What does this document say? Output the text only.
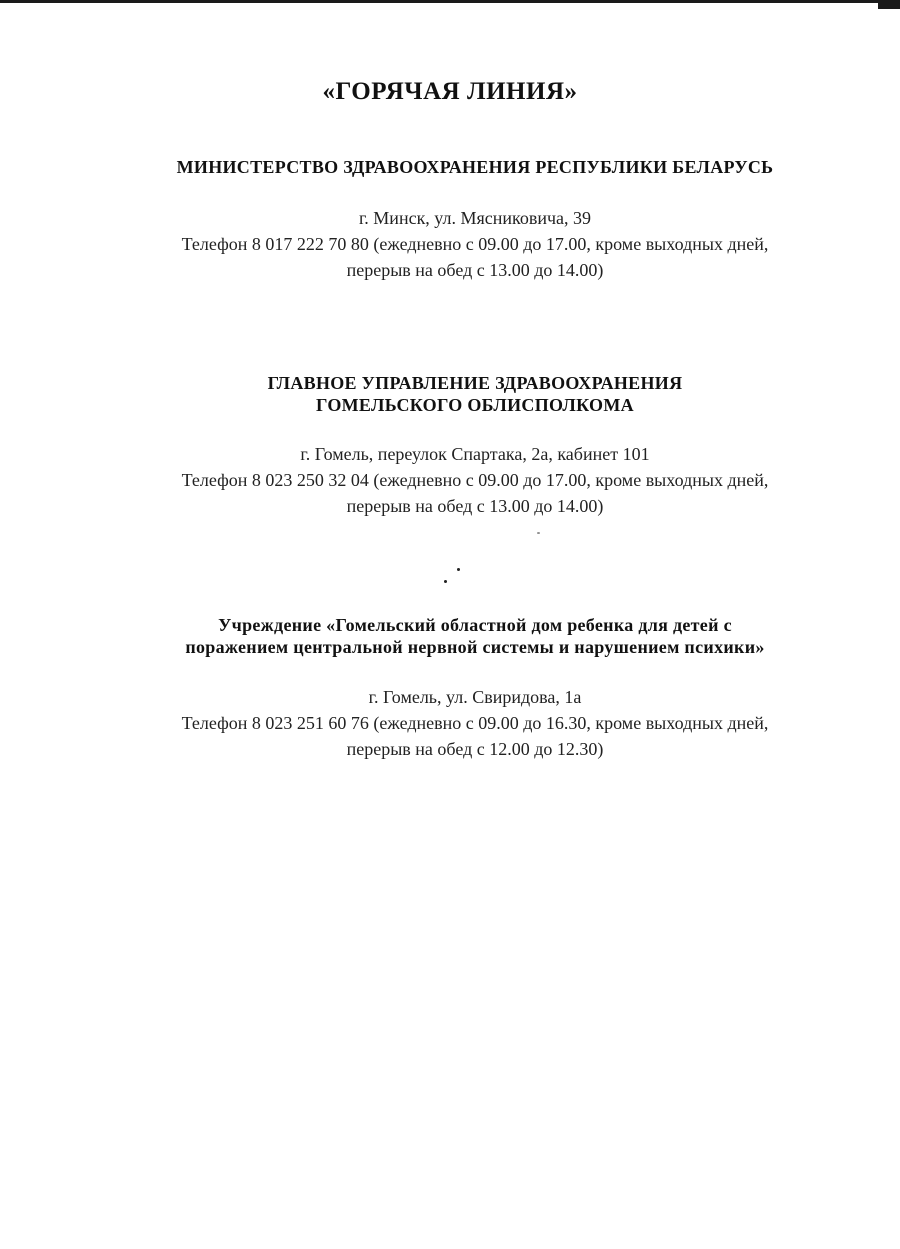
«ГОРЯЧАЯ ЛИНИЯ»
МИНИСТЕРСТВО ЗДРАВООХРАНЕНИЯ РЕСПУБЛИКИ БЕЛАРУСЬ
г. Минск, ул. Мясниковича, 39
Телефон 8 017 222 70 80 (ежедневно с 09.00 до 17.00, кроме выходных дней,
перерыв на обед с 13.00 до 14.00)
ГЛАВНОЕ УПРАВЛЕНИЕ ЗДРАВООХРАНЕНИЯ
ГОМЕЛЬСКОГО ОБЛИСПОЛКОМА
г. Гомель, переулок Спартака, 2а, кабинет 101
Телефон 8 023 250 32 04 (ежедневно с 09.00 до 17.00, кроме выходных дней,
перерыв на обед с 13.00 до 14.00)
Учреждение «Гомельский областной дом ребенка для детей с
поражением центральной нервной системы и нарушением психики»
г. Гомель, ул. Свиридова, 1а
Телефон 8 023 251 60 76 (ежедневно с 09.00 до 16.30, кроме выходных дней,
перерыв на обед с 12.00 до 12.30)
